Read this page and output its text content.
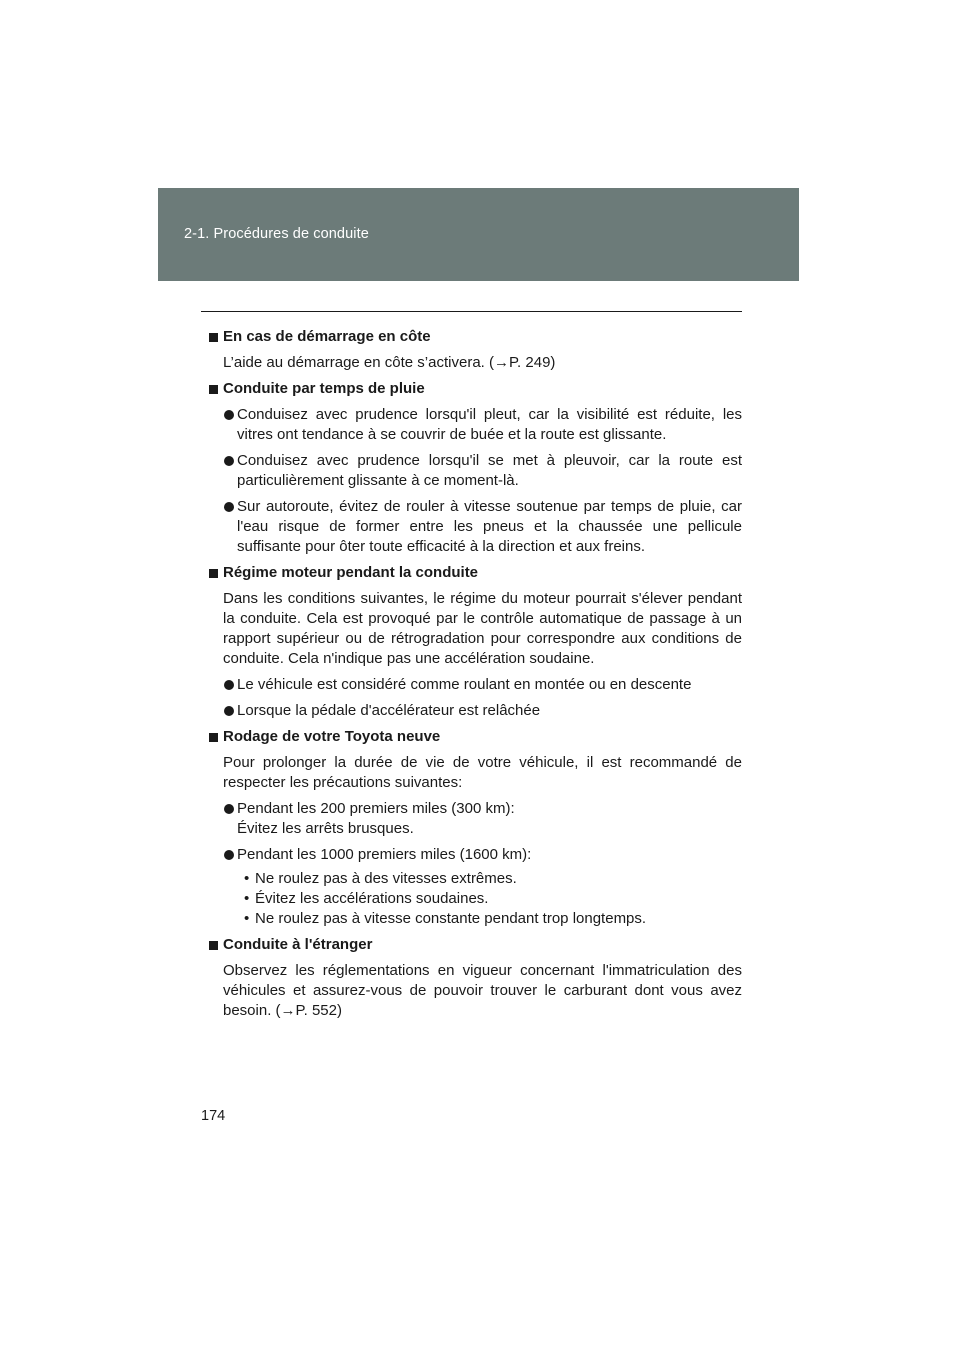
2-1. Procédures de conduite
En cas de démarrage en côte
L’aide au démarrage en côte s’activera. (→P. 249)
Conduite par temps de pluie
Conduisez avec prudence lorsqu'il pleut, car la visibilité est réduite, les vitres ont tendance à se couvrir de buée et la route est glissante.
Conduisez avec prudence lorsqu'il se met à pleuvoir, car la route est particulièrement glissante à ce moment-là.
Sur autoroute, évitez de rouler à vitesse soutenue par temps de pluie, car l'eau risque de former entre les pneus et la chaussée une pellicule suffisante pour ôter toute efficacité à la direction et aux freins.
Régime moteur pendant la conduite
Dans les conditions suivantes, le régime du moteur pourrait s'élever pendant la conduite. Cela est provoqué par le contrôle automatique de passage à un rapport supérieur ou de rétrogradation pour correspondre aux conditions de conduite. Cela n'indique pas une accélération soudaine.
Le véhicule est considéré comme roulant en montée ou en descente
Lorsque la pédale d'accélérateur est relâchée
Rodage de votre Toyota neuve
Pour prolonger la durée de vie de votre véhicule, il est recommandé de respecter les précautions suivantes:
Pendant les 200 premiers miles (300 km):
Évitez les arrêts brusques.
Pendant les 1000 premiers miles (1600 km):
• Ne roulez pas à des vitesses extrêmes.
• Évitez les accélérations soudaines.
• Ne roulez pas à vitesse constante pendant trop longtemps.
Conduite à l'étranger
Observez les réglementations en vigueur concernant l'immatriculation des véhicules et assurez-vous de pouvoir trouver le carburant dont vous avez besoin. (→P. 552)
174
